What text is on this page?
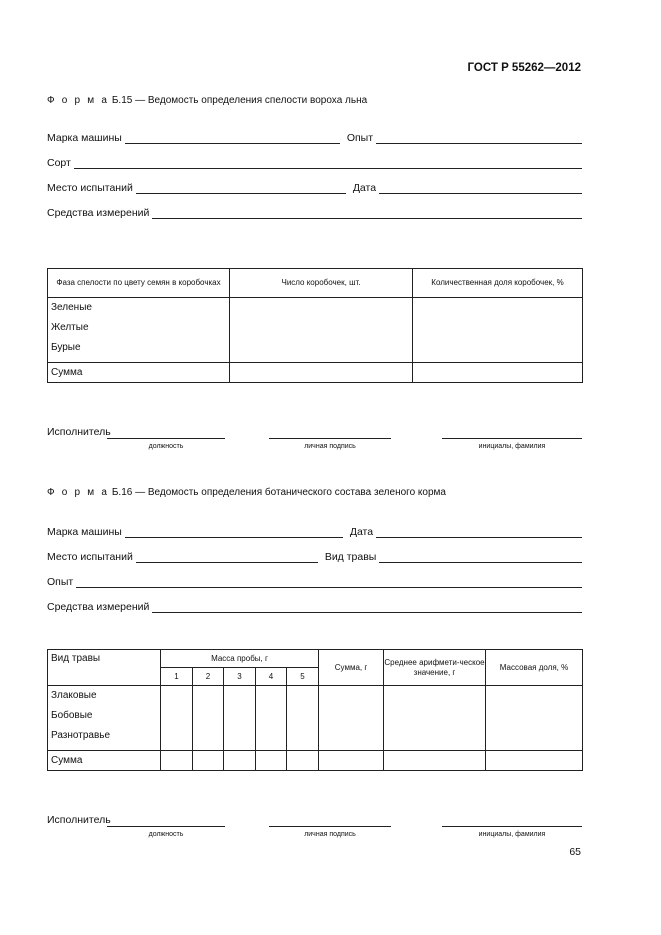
ГОСТ Р 55262—2012
Ф о р м а Б.15 — Ведомость определения спелости вороха льна
Марка машины	Опыт
Сорт
Место испытаний	Дата
Средства измерений
Фаза спелости по цвету семян в коробочках	Число коробочек, шт.	Количественная доля коробочек, %

Зеленые
Желтые
Бурые		

Сумма		
Исполнитель
должность	личная подпись	инициалы, фамилия
Ф о р м а Б.16 — Ведомость определения ботанического состава зеленого корма
Марка машины	Дата
Место испытаний	Вид травы
Опыт
Средства измерений
Вид травы	Масса пробы, г					Сумма, г	Среднее арифмети-ческое значение, г	Массовая доля, %
	1	2	3	4	5			

Злаковые
Бобовые
Разнотравье								

Сумма								
Исполнитель
должность	личная подпись	инициалы, фамилия
65
